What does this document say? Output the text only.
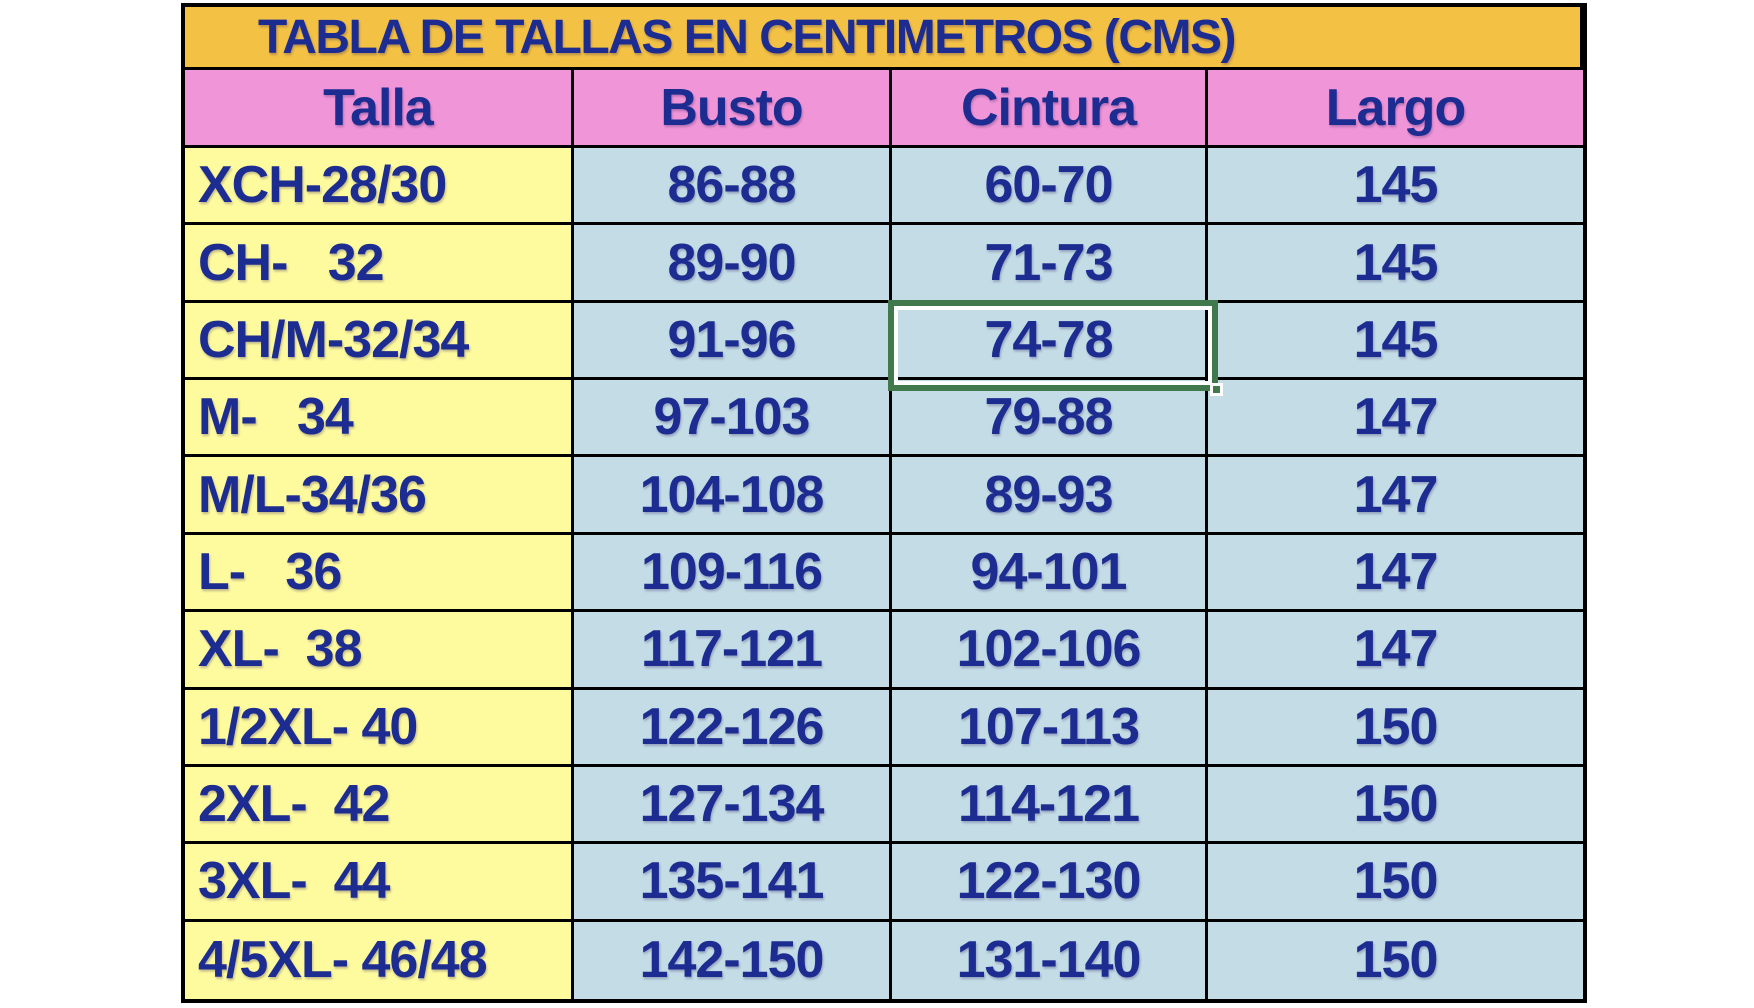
TABLA DE TALLAS EN CENTIMETROS (CMS)
Talla	Busto	Cintura	Largo
XCH-28/30	86-88	60-70	145
CH-   32	89-90	71-73	145
CH/M-32/34	91-96	74-78	145
M-   34	97-103	79-88	147
M/L-34/36	104-108	89-93	147
L-   36	109-116	94-101	147
XL-  38	117-121	102-106	147
1/2XL- 40	122-126	107-113	150
2XL-  42	127-134	114-121	150
3XL-  44	135-141	122-130	150
4/5XL- 46/48	142-150	131-140	150
